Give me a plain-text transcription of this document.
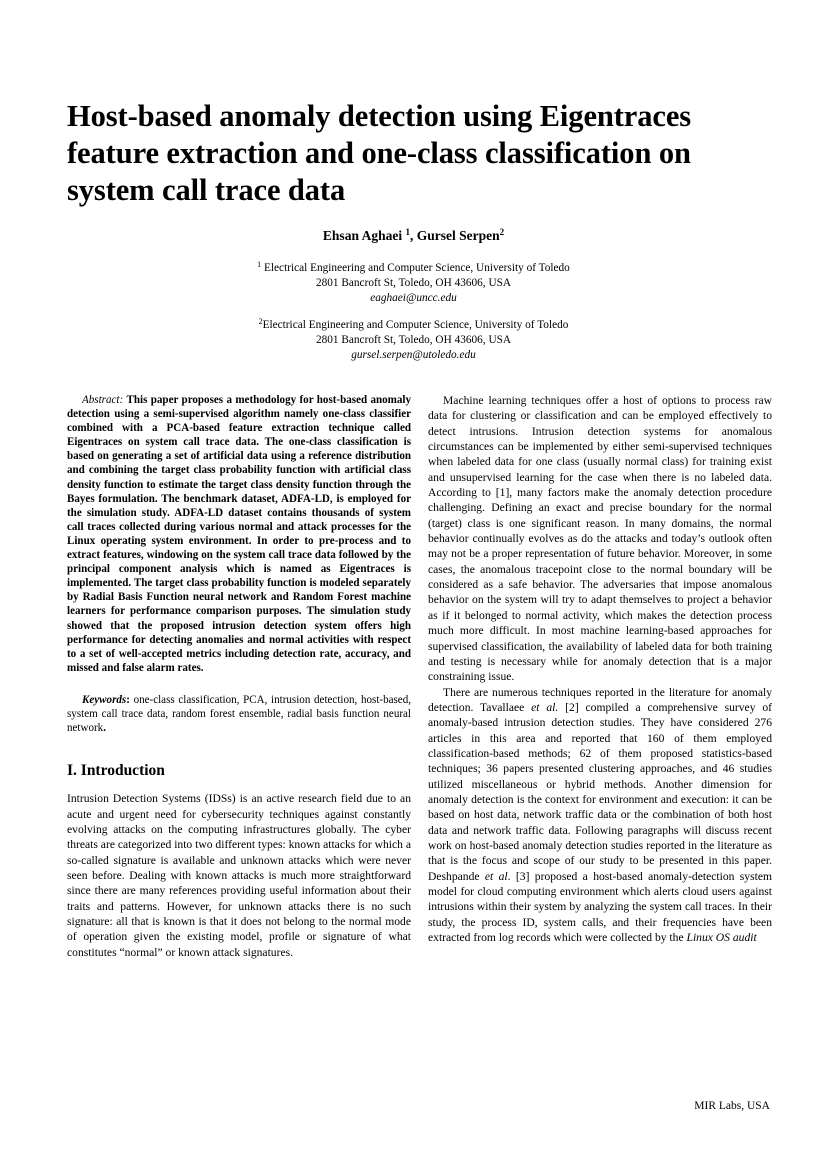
Host-based anomaly detection using Eigentraces feature extraction and one-class classification on system call trace data
Ehsan Aghaei $^1$, Gursel Serpen$^2$
$^1$ Electrical Engineering and Computer Science, University of Toledo
2801 Bancroft St, Toledo, OH 43606, USA
eaghaei@uncc.edu
$^2$Electrical Engineering and Computer Science, University of Toledo
2801 Bancroft St, Toledo, OH 43606, USA
gursel.serpen@utoledo.edu

Abstract: This paper proposes a methodology for host-based anomaly detection using a semi-supervised algorithm namely one-class classifier combined with a PCA-based feature extraction technique called Eigentraces on system call trace data. The one-class classification is based on generating a set of artificial data using a reference distribution and combining the target class probability function with artificial class density function to estimate the target class density function through the Bayes formulation. The benchmark dataset, ADFA-LD, is employed for the simulation study. ADFA-LD dataset contains thousands of system call traces collected during various normal and attack processes for the Linux operating system environment. In order to pre-process and to extract features, windowing on the system call trace data followed by the principal component analysis which is named as Eigentraces is implemented. The target class probability function is modeled separately by Radial Basis Function neural network and Random Forest machine learners for performance comparison purposes. The simulation study showed that the proposed intrusion detection system offers high performance for detecting anomalies and normal activities with respect to a set of well-accepted metrics including detection rate, accuracy, and missed and false alarm rates.

Keywords: one-class classification, PCA, intrusion detection, host-based, system call trace data, random forest ensemble, radial basis function neural network.

I. Introduction

Intrusion Detection Systems (IDSs) is an active research field due to an acute and urgent need for cybersecurity techniques against constantly evolving attacks on the computing infrastructures globally. The cyber threats are categorized into two different types: known attacks for which a so-called signature is available and unknown attacks which were never seen before. Dealing with known attacks is much more straightforward since there are many references providing useful information about their traits and patterns. However, for unknown attacks there is no such signature: all that is known is that it does not belong to the normal mode of operation given the existing model, profile or signature of what constitutes “normal” or known attack signatures.

Machine learning techniques offer a host of options to process raw data for clustering or classification and can be employed effectively to detect intrusions. Intrusion detection systems for anomalous circumstances can be implemented by either semi-supervised techniques when labeled data for one class (usually normal class) for training exist and unsupervised learning for the case when there is no labeled data. According to [1], many factors make the anomaly detection procedure challenging. Defining an exact and precise boundary for the normal (target) class is one significant reason. In many domains, the normal behavior continually evolves as do the attacks and today’s outlook often may not be a proper representation of future behavior. Moreover, in some cases, the anomalous tracepoint close to the normal boundary will be considered as a safe behavior. The adversaries that impose anomalous behavior on the system will try to adapt themselves to project a behavior as if it belonged to normal activity, which makes the detection process much more difficult. In most machine learning-based approaches for supervised classification, the availability of labeled data for both training and testing is necessary while for anomaly detection that is a major constraining issue.

There are numerous techniques reported in the literature for anomaly detection. Tavallaee et al. [2] compiled a comprehensive survey of anomaly-based intrusion detection studies. They have considered 276 articles in this area and reported that 160 of them employed classification-based methods; 62 of them proposed statistics-based techniques; 36 papers presented clustering approaches, and 46 studies utilized miscellaneous or hybrid methods. Another dimension for anomaly detection is the context for environment and execution: it can be based on host data, network traffic data or the combination of both host data and network traffic data. Following paragraphs will discuss recent work on host-based anomaly detection studies reported in the literature as that is the focus and scope of our study to be presented in this paper. Deshpande et al. [3] proposed a host-based anomaly-detection system model for cloud computing environment which alerts cloud users against intrusions within their system by analyzing the system call traces. In their study, the process ID, system calls, and their frequencies have been extracted from log records which were collected by the Linux OS audit

MIR Labs, USA
